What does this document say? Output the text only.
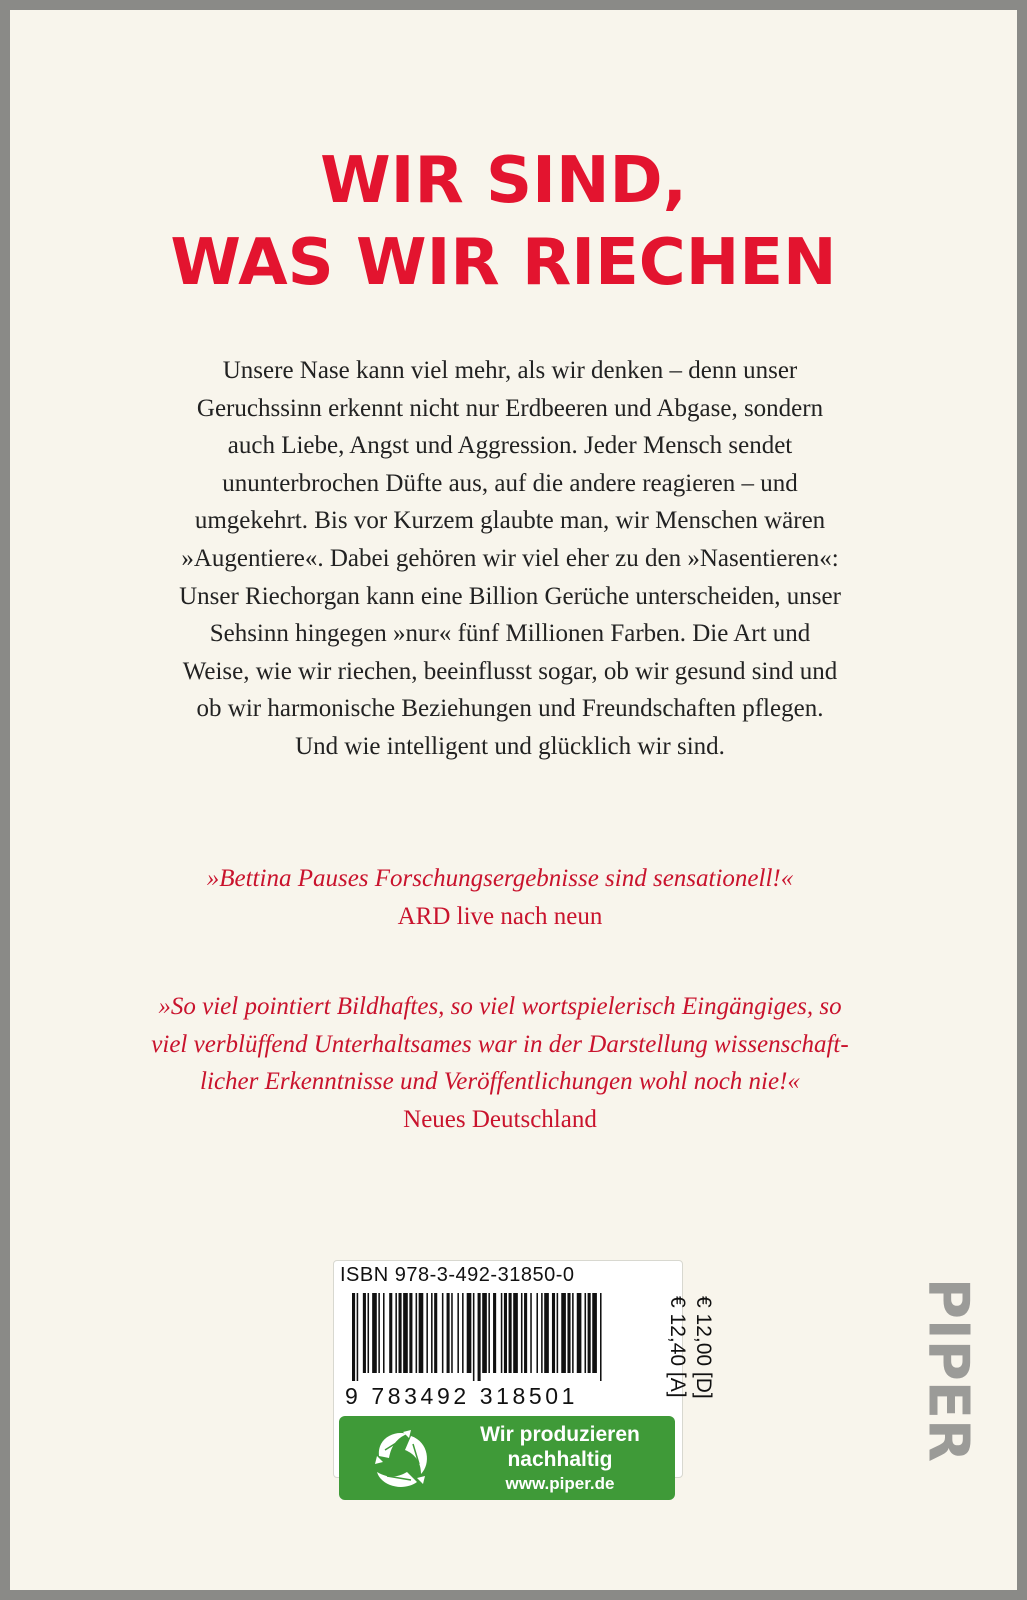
WIR SIND,
WAS WIR RIECHEN
Unsere Nase kann viel mehr, als wir denken – denn unser
Geruchssinn erkennt nicht nur Erdbeeren und Abgase, sondern
auch Liebe, Angst und Aggression. Jeder Mensch sendet
ununterbrochen Düfte aus, auf die andere reagieren – und
umgekehrt. Bis vor Kurzem glaubte man, wir Menschen wären
»Augentiere«. Dabei gehören wir viel eher zu den »Nasentieren«:
Unser Riechorgan kann eine Billion Gerüche unterscheiden, unser
Sehsinn hingegen »nur« fünf Millionen Farben. Die Art und
Weise, wie wir riechen, beeinflusst sogar, ob wir gesund sind und
ob wir harmonische Beziehungen und Freundschaften pflegen.
Und wie intelligent und glücklich wir sind.
»Bettina Pauses Forschungsergebnisse sind sensationell!«
ARD live nach neun
»So viel pointiert Bildhaftes, so viel wortspielerisch Eingängiges, so
viel verblüffend Unterhaltsames war in der Darstellung wissenschaft-
licher Erkenntnisse und Veröffentlichungen wohl noch nie!«
Neues Deutschland
ISBN 978-3-492-31850-0
9 783492 318501	€ 12,00 [D]
€ 12,40 [A]
Wir produzieren
nachhaltig
www.piper.de
PIPER
